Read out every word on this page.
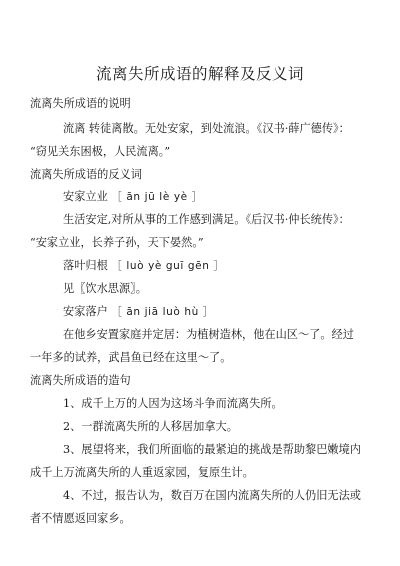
流离失所成语的解释及反义词
流离失所成语的说明
流离 转徒离散。无处安家，到处流浪。《汉书·薛广德传》：
“窃见关东困极，人民流离。”
流离失所成语的反义词
安家立业 ［ ān jū lè yè ］
生活安定,对所从事的工作感到满足。《后汉书·仲长统传》：
“安家立业，长养子孙，天下晏然。”
落叶归根 ［ luò yè guī gēn ］
见〖饮水思源〗。
安家落户 ［ ān jiā luò hù ］
在他乡安置家庭并定居：为植树造林，他在山区～了。经过
一年多的试养，武昌鱼已经在这里～了。
流离失所成语的造句
1、成千上万的人因为这场斗争而流离失所。
2、一群流离失所的人移居加拿大。
3、展望将来，我们所面临的最紧迫的挑战是帮助黎巴嫩境内
成千上万流离失所的人重返家园，复原生计。
4、不过，报告认为，数百万在国内流离失所的人仍旧无法或
者不情愿返回家乡。
